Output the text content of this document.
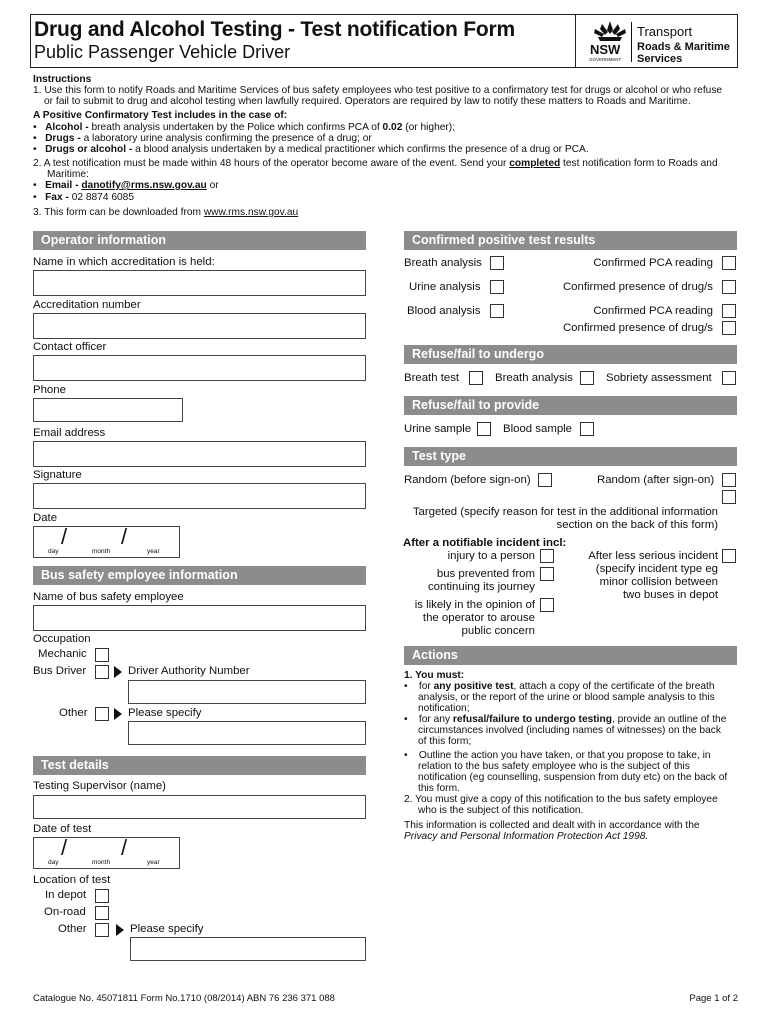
Drug and Alcohol Testing - Test notification Form
Public Passenger Vehicle Driver	NSW
GOVERNMENT
Transport
Roads & Maritime
Services
Instructions
1. Use this form to notify Roads and Maritime Services of bus safety employees who test positive to a confirmatory test for drugs or alcohol or who refuse
or fail to submit to drug and alcohol testing when lawfully required. Operators are required by law to notify these matters to Roads and Maritime.
A Positive Confirmatory Test includes in the case of:
• Alcohol - breath analysis undertaken by the Police which confirms PCA of 0.02 (or higher);
• Drugs - a laboratory urine analysis confirming the presence of a drug; or
• Drugs or alcohol - a blood analysis undertaken by a medical practitioner which confirms the presence of a drug or PCA.
2. A test notification must be made within 48 hours of the operator become aware of the event. Send your completed test notification form to Roads and
Maritime:
• Email - danotify@rms.nsw.gov.au or
• Fax - 02 8874 6085
3. This form can be downloaded from www.rms.nsw.gov.au
Operator information
Name in which accreditation is held:
Accreditation number
Contact officer
Phone
Email address
Signature
Date
/ /
day	month	year
Bus safety employee information
Name of bus safety employee
Occupation
Mechanic
Bus Driver	Driver Authority Number
Other	Please specify
Test details
Testing Supervisor (name)
Date of test
/ /
day	month	year
Location of test
In depot
On-road
Other	Please specify
Confirmed positive test results
Breath analysis	Confirmed PCA reading
Urine analysis	Confirmed presence of drug/s
Blood analysis	Confirmed PCA reading
Confirmed presence of drug/s
Refuse/fail to undergo
Breath test	Breath analysis	Sobriety assessment
Refuse/fail to provide
Urine sample	Blood sample
Test type
Random (before sign-on)	Random (after sign-on)
Targeted (specify reason for test in the additional information
section on the back of this form)
After a notifiable incident incl:
injury to a person
bus prevented from
continuing its journey
is likely in the opinion of
the operator to arouse
public concern
After less serious incident
(specify incident type eg
minor collision between
two buses in depot
Actions
1. You must:
• for any positive test, attach a copy of the certificate of the breath
analysis, or the report of the urine or blood sample analysis to this
notification;
• for any refusal/failure to undergo testing, provide an outline of the
circumstances involved (including names of witnesses) on the back
of this form;
• Outline the action you have taken, or that you propose to take, in
relation to the bus safety employee who is the subject of this
notification (eg counselling, suspension from duty etc) on the back of
this form.
2. You must give a copy of this notification to the bus safety employee
who is the subject of this notification.
This information is collected and dealt with in accordance with the
Privacy and Personal Information Protection Act 1998.
Catalogue No. 45071811 Form No.1710 (08/2014) ABN 76 236 371 088	Page 1 of 2
